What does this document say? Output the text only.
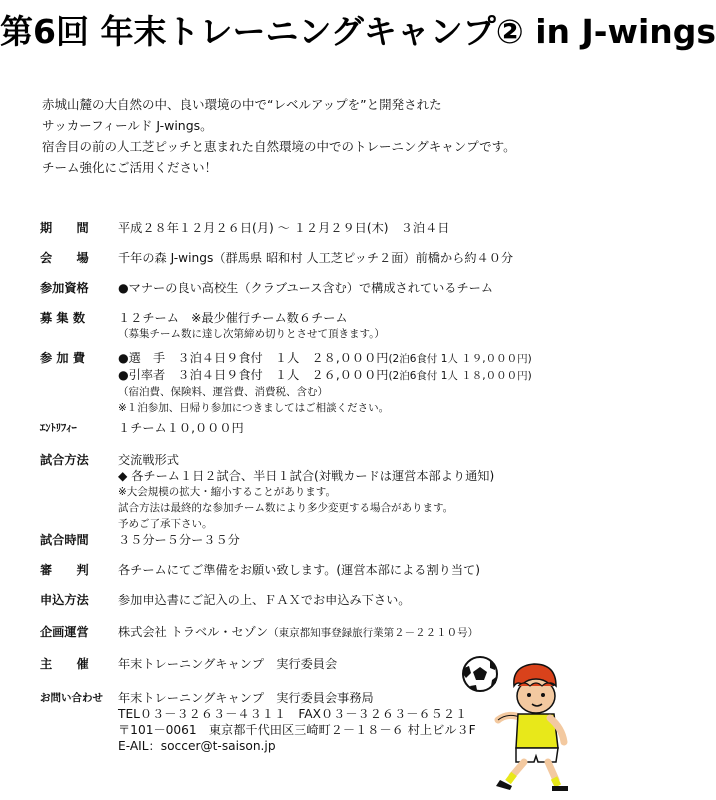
第6回 年末トレーニングキャンプ② in J-wings
赤城山麓の大自然の中、良い環境の中で“レベルアップを”と開発された
サッカーフィールド J-wings。
宿舎目の前の人工芝ピッチと恵まれた自然環境の中でのトレーニングキャンプです。
チーム強化にご活用ください！
期　　間	平成２８年１２月２６日(月) ～ １２月２９日(木)　３泊４日
会　　場	千年の森 J-wings（群馬県 昭和村 人工芝ピッチ２面）前橋から約４０分
参加資格	●マナーの良い高校生（クラブユース含む）で構成されているチーム
募 集 数	１２チーム　※最少催行チーム数６チーム
（募集チーム数に達し次第締め切りとさせて頂きます。）
参 加 費	●選　手　３泊４日９食付　１人　２８,０００円(2泊6食付 1人 １９,０００円)
●引率者　３泊４日９食付　１人　２６,０００円(2泊6食付 1人 １８,０００円)
（宿泊費、保険料、運営費、消費税、含む）
※１泊参加、日帰り参加につきましてはご相談ください。
ｴﾝﾄﾘﾌｨｰ	１チーム１０,０００円
試合方法	交流戦形式
◆ 各チーム１日２試合、半日１試合(対戦カードは運営本部より通知)
※大会規模の拡大・縮小することがあります。
試合方法は最終的な参加チーム数により多少変更する場合があります。
予めご了承下さい。
試合時間	３５分ー５分ー３５分
審　　判	各チームにてご準備をお願い致します。(運営本部による割り当て)
申込方法	参加申込書にご記入の上、ＦＡＸでお申込み下さい。
企画運営	株式会社 トラベル・セゾン（東京都知事登録旅行業第２－２２１０号）
主　　催	年末トレーニングキャンプ　実行委員会
お問い合わせ	年末トレーニングキャンプ　実行委員会事務局
TEL０３－３２６３－４３１１　FAX０３－３２６３－６５２１
〒101－0061　東京都千代田区三崎町２－１８－６ 村上ビル３F
E-AIL：soccer@t-saison.jp
